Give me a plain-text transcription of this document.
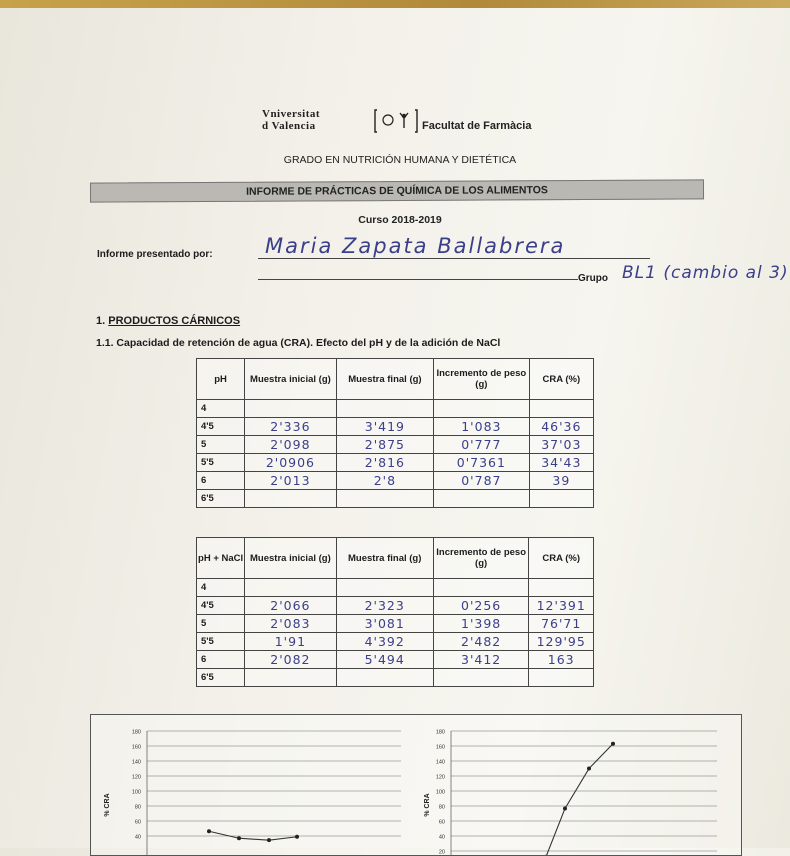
Vniversitat
d Valencia	Facultat de Farmàcia
GRADO EN NUTRICIÓN HUMANA Y DIETÉTICA
INFORME DE PRÁCTICAS DE QUÍMICA DE LOS ALIMENTOS
Curso 2018-2019
Informe presentado por: Maria Zapata Ballabrera
Grupo BL1 (cambio al 3)
1. PRODUCTOS CÁRNICOS
1.1. Capacidad de retención de agua (CRA). Efecto del pH y de la adición de NaCl
pH	Muestra inicial (g)	Muestra final (g)	Incremento de peso (g)	CRA (%)
4				
4'5	2'336	3'419	1'083	46'36
5	2'098	2'875	0'777	37'03
5'5	2'0906	2'816	0'7361	34'43
6	2'013	2'8	0'787	39
6'5				
pH + NaCl	Muestra inicial (g)	Muestra final (g)	Incremento de peso (g)	CRA (%)
4				
4'5	2'066	2'323	0'256	12'391
5	2'083	3'081	1'398	76'71
5'5	1'91	4'392	2'482	129'95
6	2'082	5'494	3'412	163
6'5				
180
160
140
120
100
80
60
40
% CRA
180
160
140
120
100
80
60
40
20
% CRA
